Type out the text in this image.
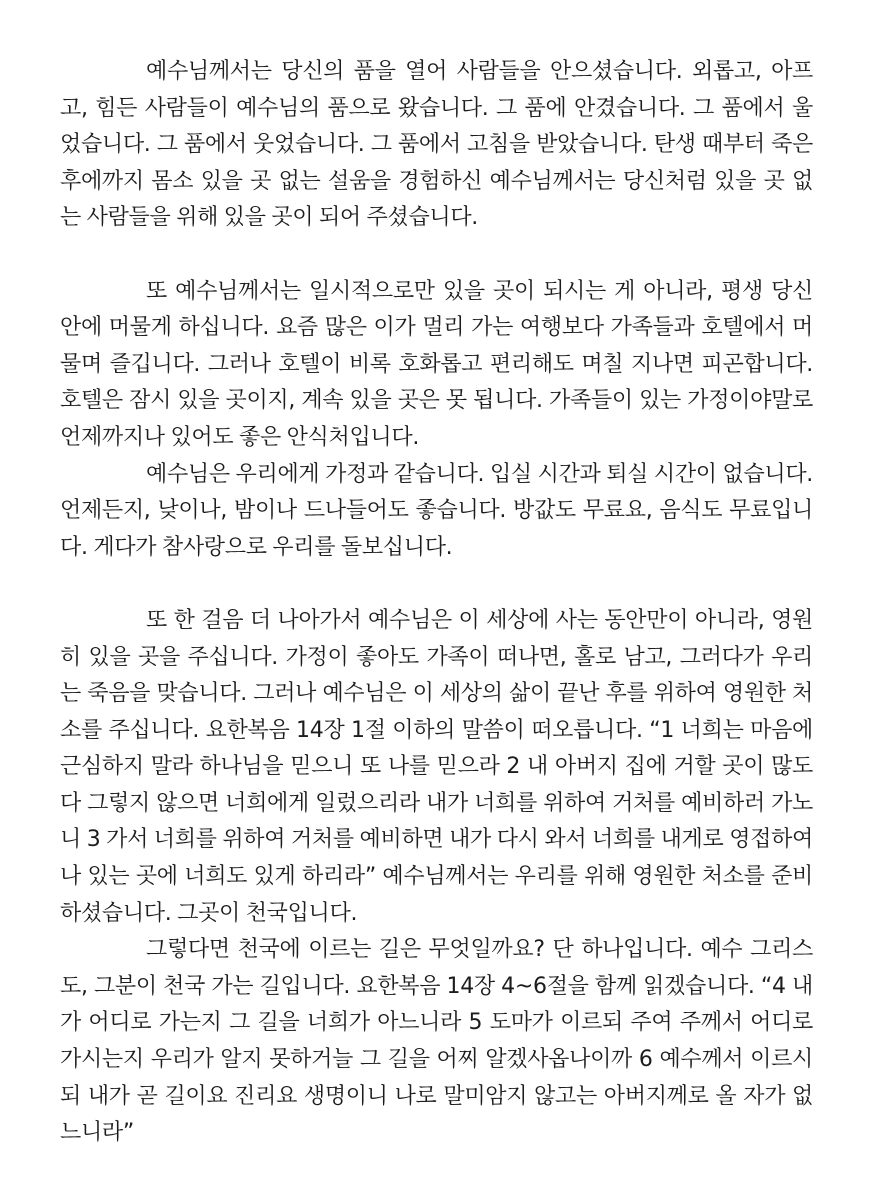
예수님께서는 당신의 품을 열어 사람들을 안으셨습니다. 외롭고, 아프고, 힘든 사람들이 예수님의 품으로 왔습니다. 그 품에 안겼습니다. 그 품에서 울었습니다. 그 품에서 웃었습니다. 그 품에서 고침을 받았습니다. 탄생 때부터 죽은 후에까지 몸소 있을 곳 없는 설움을 경험하신 예수님께서는 당신처럼 있을 곳 없는 사람들을 위해 있을 곳이 되어 주셨습니다.

또 예수님께서는 일시적으로만 있을 곳이 되시는 게 아니라, 평생 당신 안에 머물게 하십니다. 요즘 많은 이가 멀리 가는 여행보다 가족들과 호텔에서 머물며 즐깁니다. 그러나 호텔이 비록 호화롭고 편리해도 며칠 지나면 피곤합니다. 호텔은 잠시 있을 곳이지, 계속 있을 곳은 못 됩니다. 가족들이 있는 가정이야말로 언제까지나 있어도 좋은 안식처입니다.

예수님은 우리에게 가정과 같습니다. 입실 시간과 퇴실 시간이 없습니다. 언제든지, 낮이나, 밤이나 드나들어도 좋습니다. 방값도 무료요, 음식도 무료입니다. 게다가 참사랑으로 우리를 돌보십니다.

또 한 걸음 더 나아가서 예수님은 이 세상에 사는 동안만이 아니라, 영원히 있을 곳을 주십니다. 가정이 좋아도 가족이 떠나면, 홀로 남고, 그러다가 우리는 죽음을 맞습니다. 그러나 예수님은 이 세상의 삶이 끝난 후를 위하여 영원한 처소를 주십니다. 요한복음 14장 1절 이하의 말씀이 떠오릅니다. “1 너희는 마음에 근심하지 말라 하나님을 믿으니 또 나를 믿으라 2 내 아버지 집에 거할 곳이 많도다 그렇지 않으면 너희에게 일렀으리라 내가 너희를 위하여 거처를 예비하러 가노니 3 가서 너희를 위하여 거처를 예비하면 내가 다시 와서 너희를 내게로 영접하여 나 있는 곳에 너희도 있게 하리라” 예수님께서는 우리를 위해 영원한 처소를 준비하셨습니다. 그곳이 천국입니다.

그렇다면 천국에 이르는 길은 무엇일까요? 단 하나입니다. 예수 그리스도, 그분이 천국 가는 길입니다. 요한복음 14장 4~6절을 함께 읽겠습니다. “4 내가 어디로 가는지 그 길을 너희가 아느니라 5 도마가 이르되 주여 주께서 어디로 가시는지 우리가 알지 못하거늘 그 길을 어찌 알겠사옵나이까 6 예수께서 이르시되 내가 곧 길이요 진리요 생명이니 나로 말미암지 않고는 아버지께로 올 자가 없느니라”
